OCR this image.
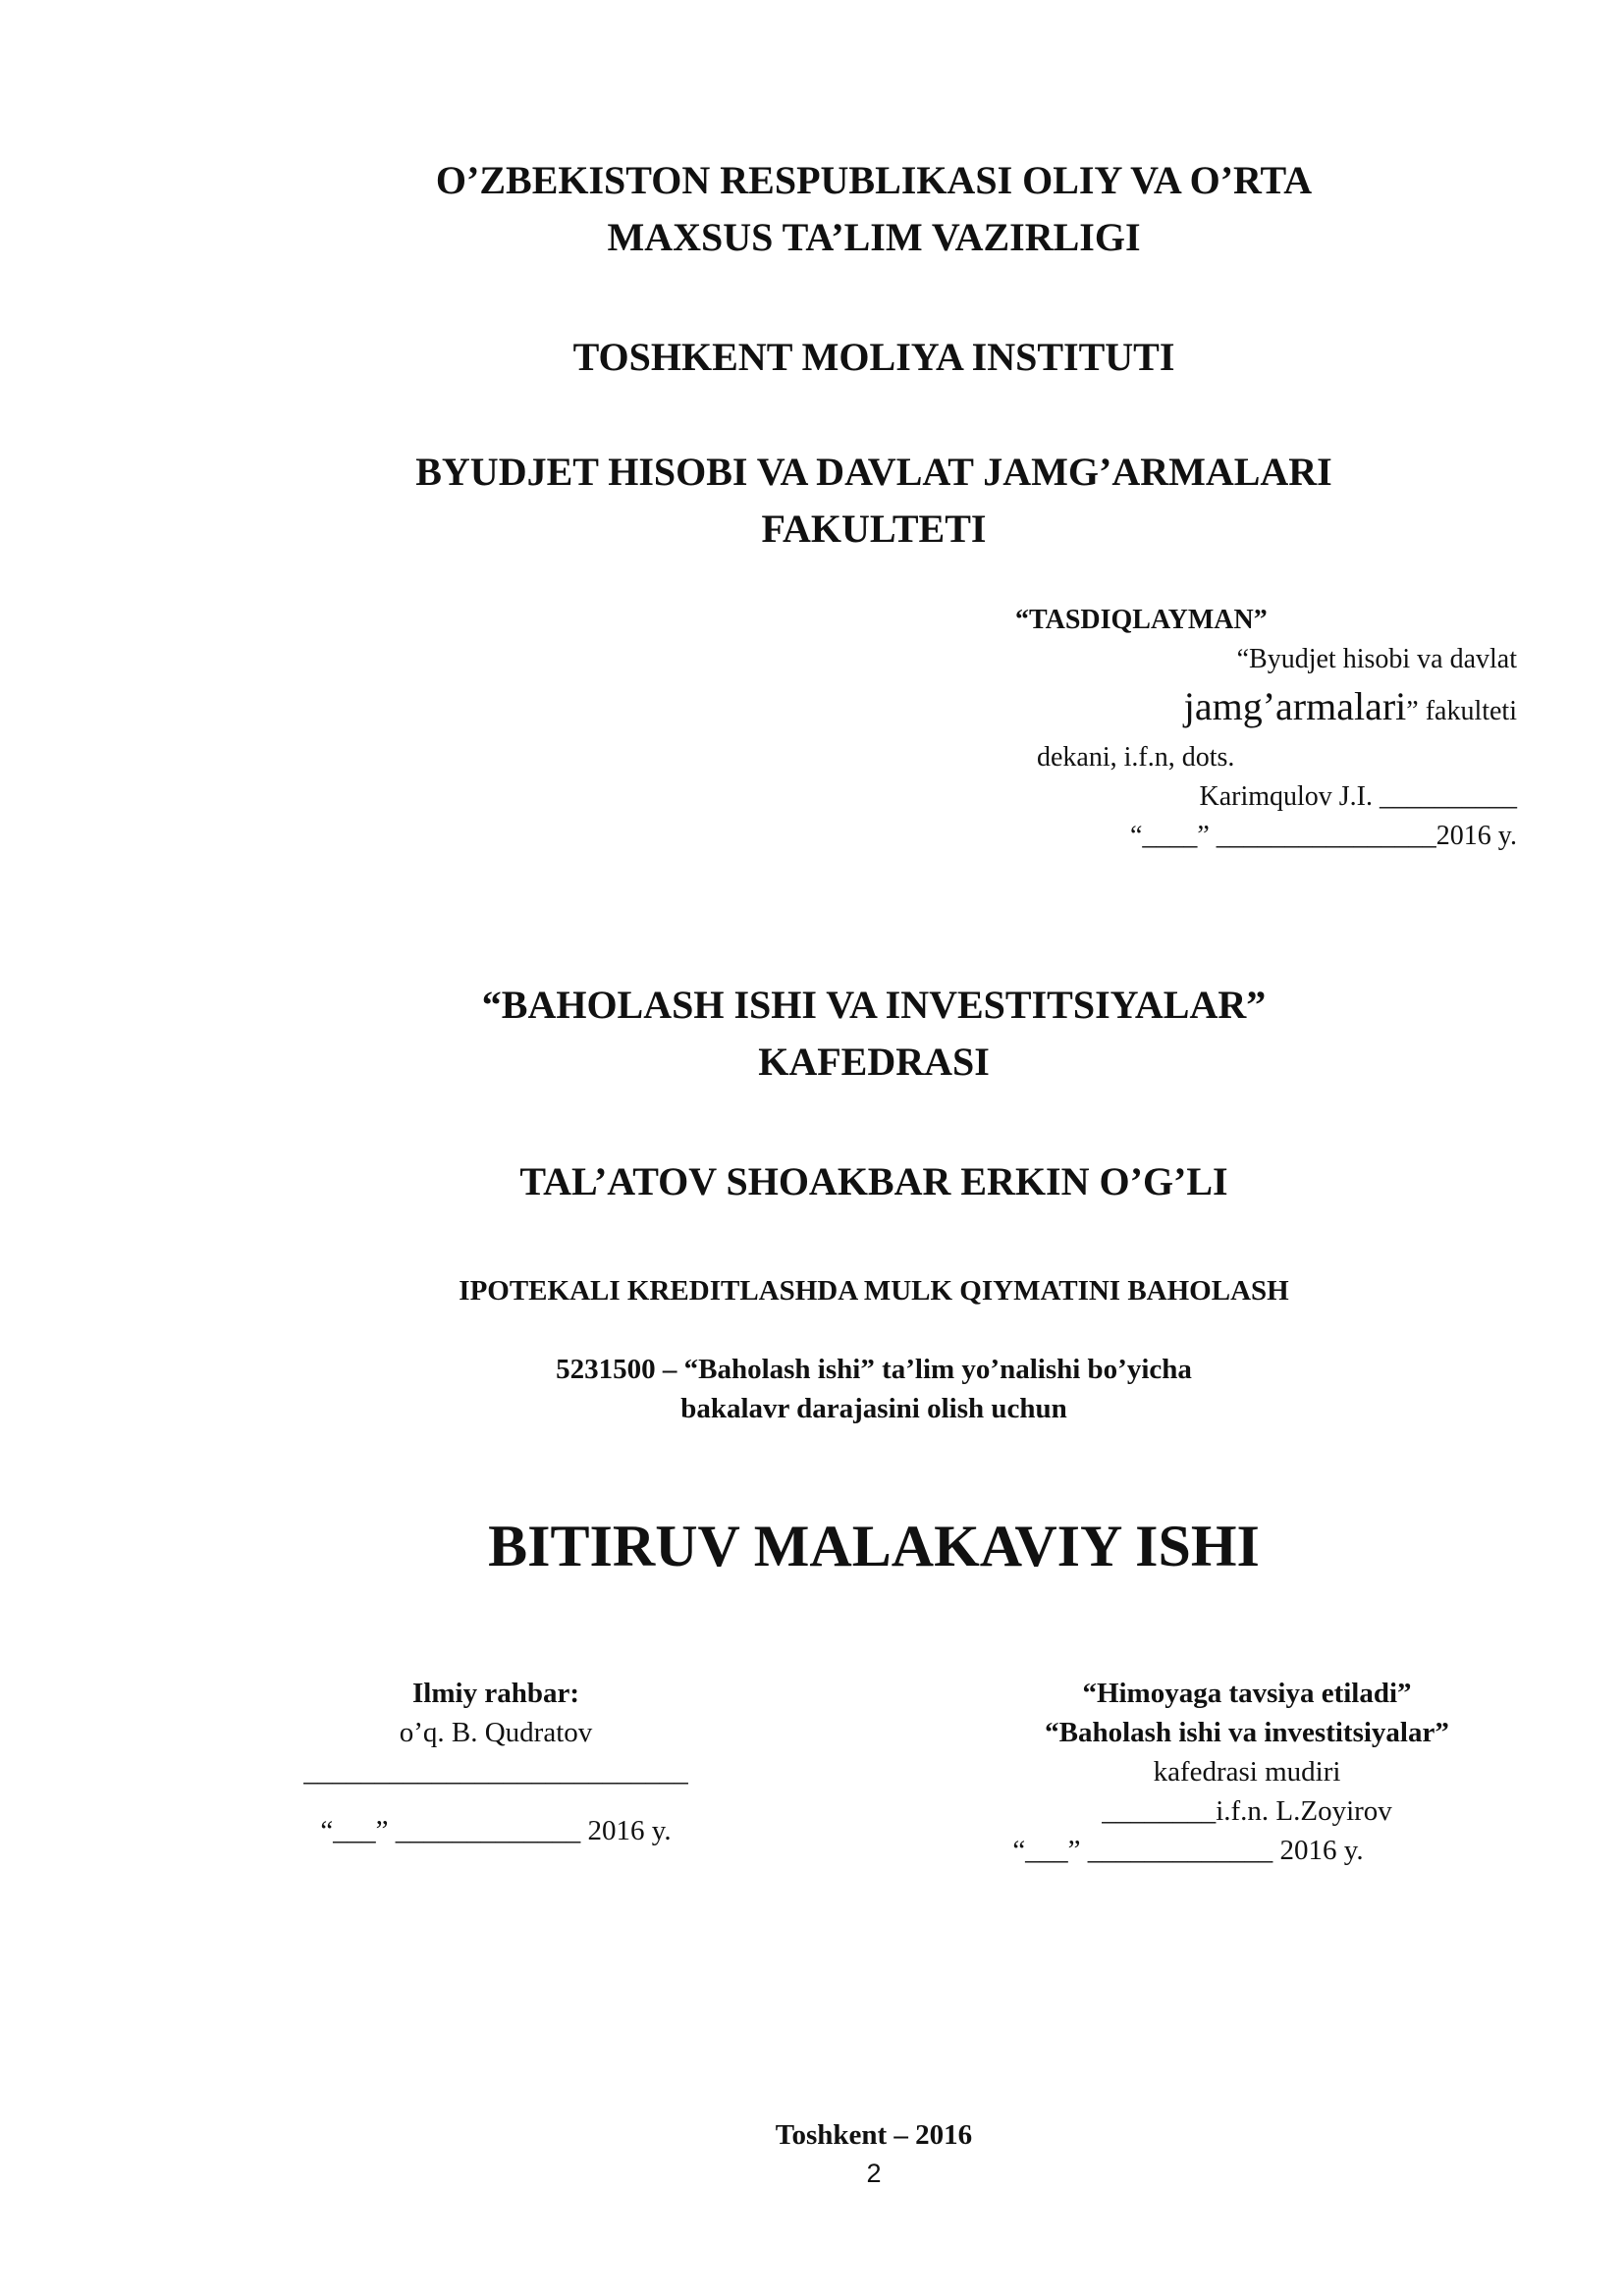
O’ZBEKISTON RESPUBLIKASI OLIY VA O’RTA
MAXSUS TA’LIM VAZIRLIGI
TOSHKENT MOLIYA INSTITUTI
BYUDJET HISOBI VA DAVLAT JAMG’ARMALARI
FAKULTETI
“TASDIQLAYMAN”
“Byudjet hisobi va davlat
jamg’armalari” fakulteti
dekani, i.f.n, dots.
Karimqulov J.I. __________
“____” ________________2016 y.
“BAHOLASH ISHI VA INVESTITSIYALAR”
KAFEDRASI
TAL’ATOV SHOAKBAR ERKIN O’G’LI
IPOTEKALI KREDITLASHDA MULK QIYMATINI BAHOLASH
5231500 – “Baholash ishi” ta’lim yo’nalishi bo’yicha
bakalavr darajasini olish uchun
BITIRUV MALAKAVIY ISHI
Ilmiy rahbar:
o’q. B. Qudratov
___________________________
“___” _____________ 2016 y.
“Himoyaga tavsiya etiladi”
“Baholash ishi va investitsiyalar”
kafedrasi mudiri
________i.f.n. L.Zoyirov
“___” _____________ 2016 y.
Toshkent – 2016
2
